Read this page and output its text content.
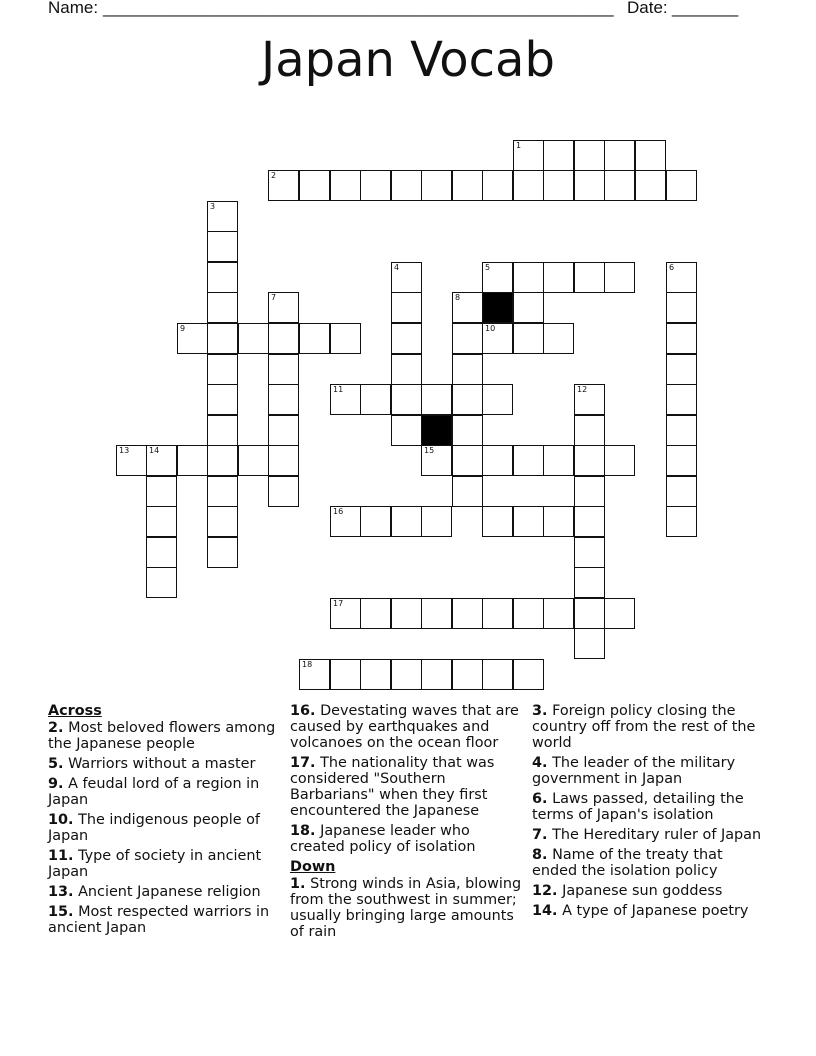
Name: ______________________________________________________ Date: _______
Japan Vocab
1
2
3
4	5	6
7	8
9	10
11	12
13 14	15
16
17
18
Across
2. Most beloved flowers among the Japanese people
5. Warriors without a master
9. A feudal lord of a region in Japan
10. The indigenous people of Japan
11. Type of society in ancient Japan
13. Ancient Japanese religion
15. Most respected warriors in ancient Japan
16. Devestating waves that are caused by earthquakes and volcanoes on the ocean floor
17. The nationality that was considered "Southern Barbarians" when they first encountered the Japanese
18. Japanese leader who created policy of isolation
Down
1. Strong winds in Asia, blowing from the southwest in summer; usually bringing large amounts of rain
3. Foreign policy closing the country off from the rest of the world
4. The leader of the military government in Japan
6. Laws passed, detailing the terms of Japan's isolation
7. The Hereditary ruler of Japan
8. Name of the treaty that ended the isolation policy
12. Japanese sun goddess
14. A type of Japanese poetry
